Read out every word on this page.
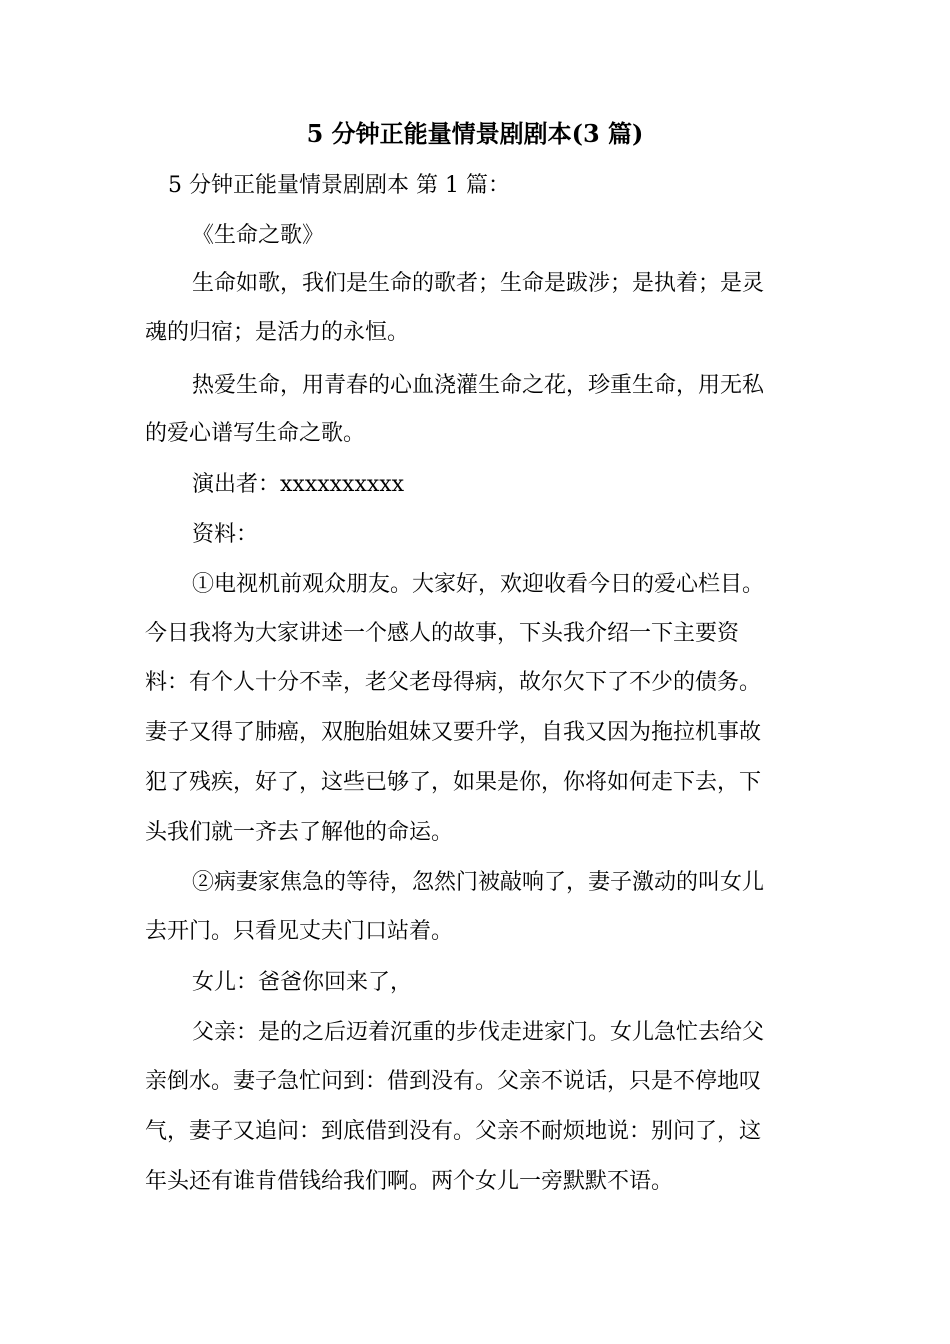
5 分钟正能量情景剧剧本(3 篇)
5 分钟正能量情景剧剧本 第 1 篇：
《生命之歌》
生命如歌，我们是生命的歌者；生命是跋涉；是执着；是灵
魂的归宿；是活力的永恒。
热爱生命，用青春的心血浇灌生命之花，珍重生命，用无私
的爱心谱写生命之歌。
演出者：xxxxxxxxxx
资料：
①电视机前观众朋友。大家好，欢迎收看今日的爱心栏目。
今日我将为大家讲述一个感人的故事，下头我介绍一下主要资
料：有个人十分不幸，老父老母得病，故尔欠下了不少的债务。
妻子又得了肺癌，双胞胎姐妹又要升学，自我又因为拖拉机事故
犯了残疾，好了，这些已够了，如果是你，你将如何走下去，下
头我们就一齐去了解他的命运。
②病妻家焦急的等待，忽然门被敲响了，妻子激动的叫女儿
去开门。只看见丈夫门口站着。
女儿：爸爸你回来了，
父亲：是的之后迈着沉重的步伐走进家门。女儿急忙去给父
亲倒水。妻子急忙问到：借到没有。父亲不说话，只是不停地叹
气，妻子又追问：到底借到没有。父亲不耐烦地说：别问了，这
年头还有谁肯借钱给我们啊。两个女儿一旁默默不语。
